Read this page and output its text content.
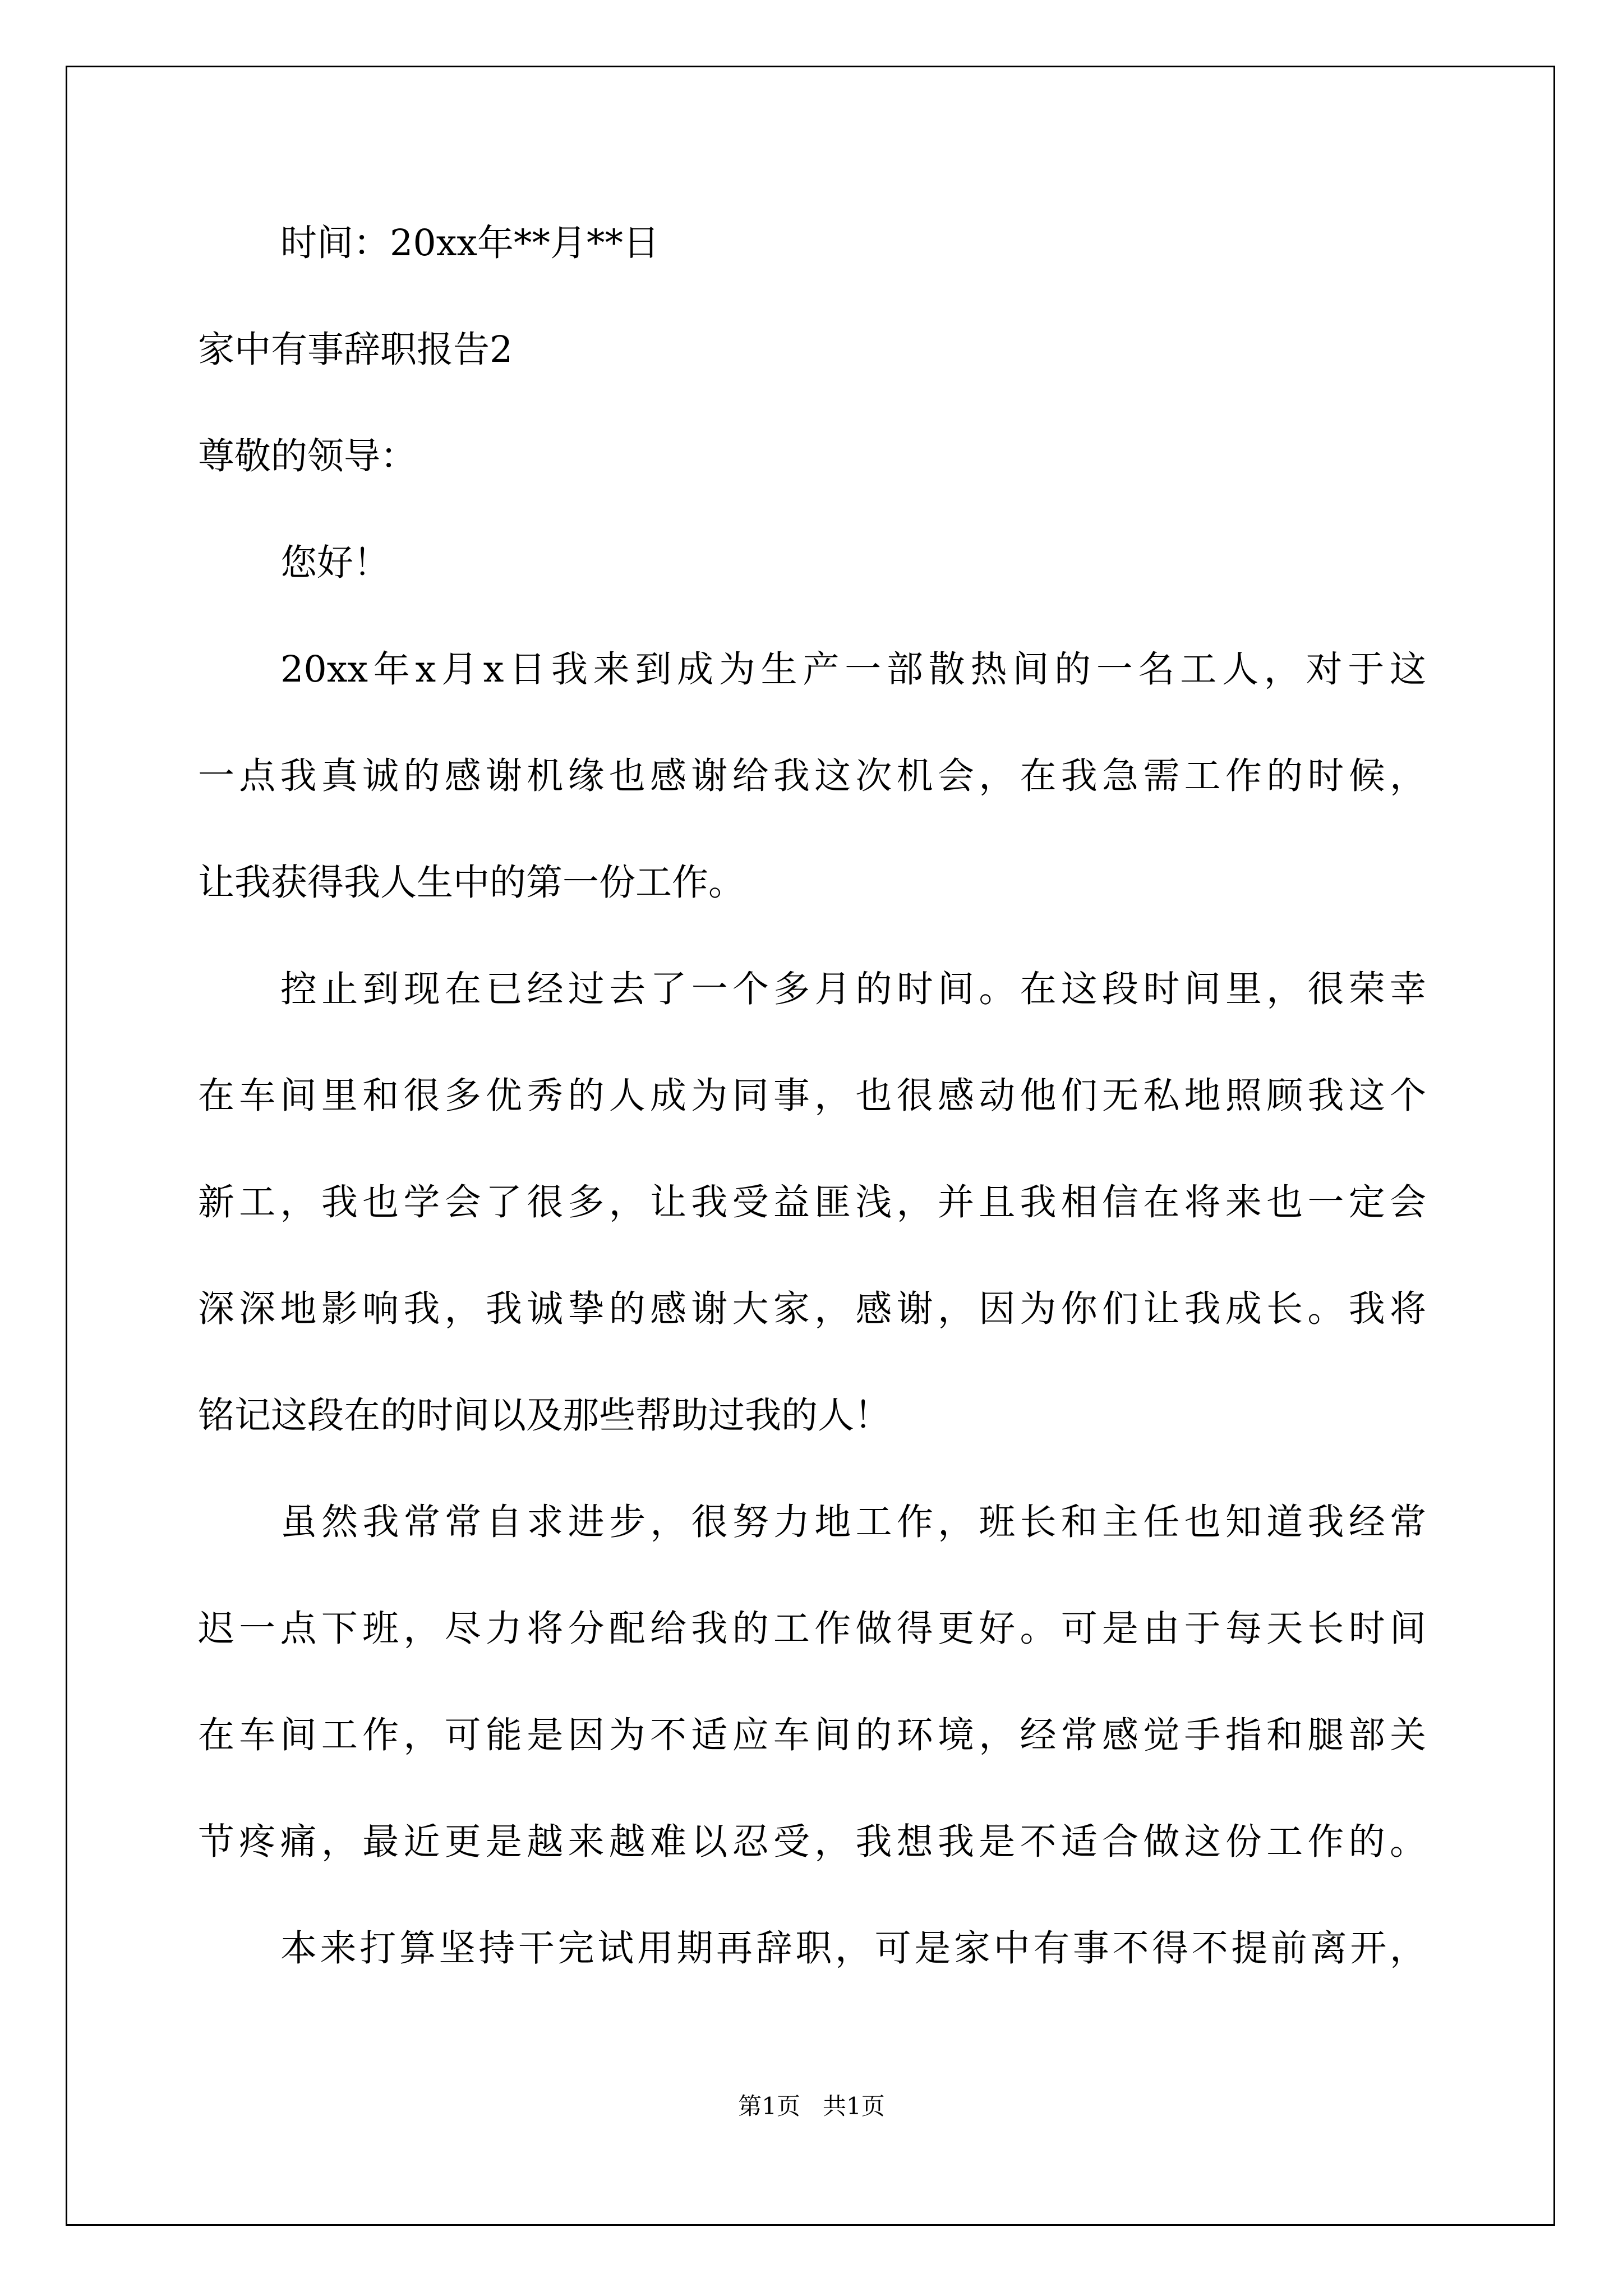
时间：20xx年**月**日
家中有事辞职报告2
尊敬的领导：
您好！
20xx年x月x日我来到成为生产一部散热间的一名工人，对于这
一点我真诚的感谢机缘也感谢给我这次机会，在我急需工作的时候，
让我获得我人生中的第一份工作。
控止到现在已经过去了一个多月的时间。在这段时间里，很荣幸
在车间里和很多优秀的人成为同事，也很感动他们无私地照顾我这个
新工，我也学会了很多，让我受益匪浅，并且我相信在将来也一定会
深深地影响我，我诚挚的感谢大家，感谢，因为你们让我成长。我将
铭记这段在的时间以及那些帮助过我的人！
虽然我常常自求进步，很努力地工作，班长和主任也知道我经常
迟一点下班，尽力将分配给我的工作做得更好。可是由于每天长时间
在车间工作，可能是因为不适应车间的环境，经常感觉手指和腿部关
节疼痛，最近更是越来越难以忍受，我想我是不适合做这份工作的。
本来打算坚持干完试用期再辞职，可是家中有事不得不提前离开，
第1页   共1页
